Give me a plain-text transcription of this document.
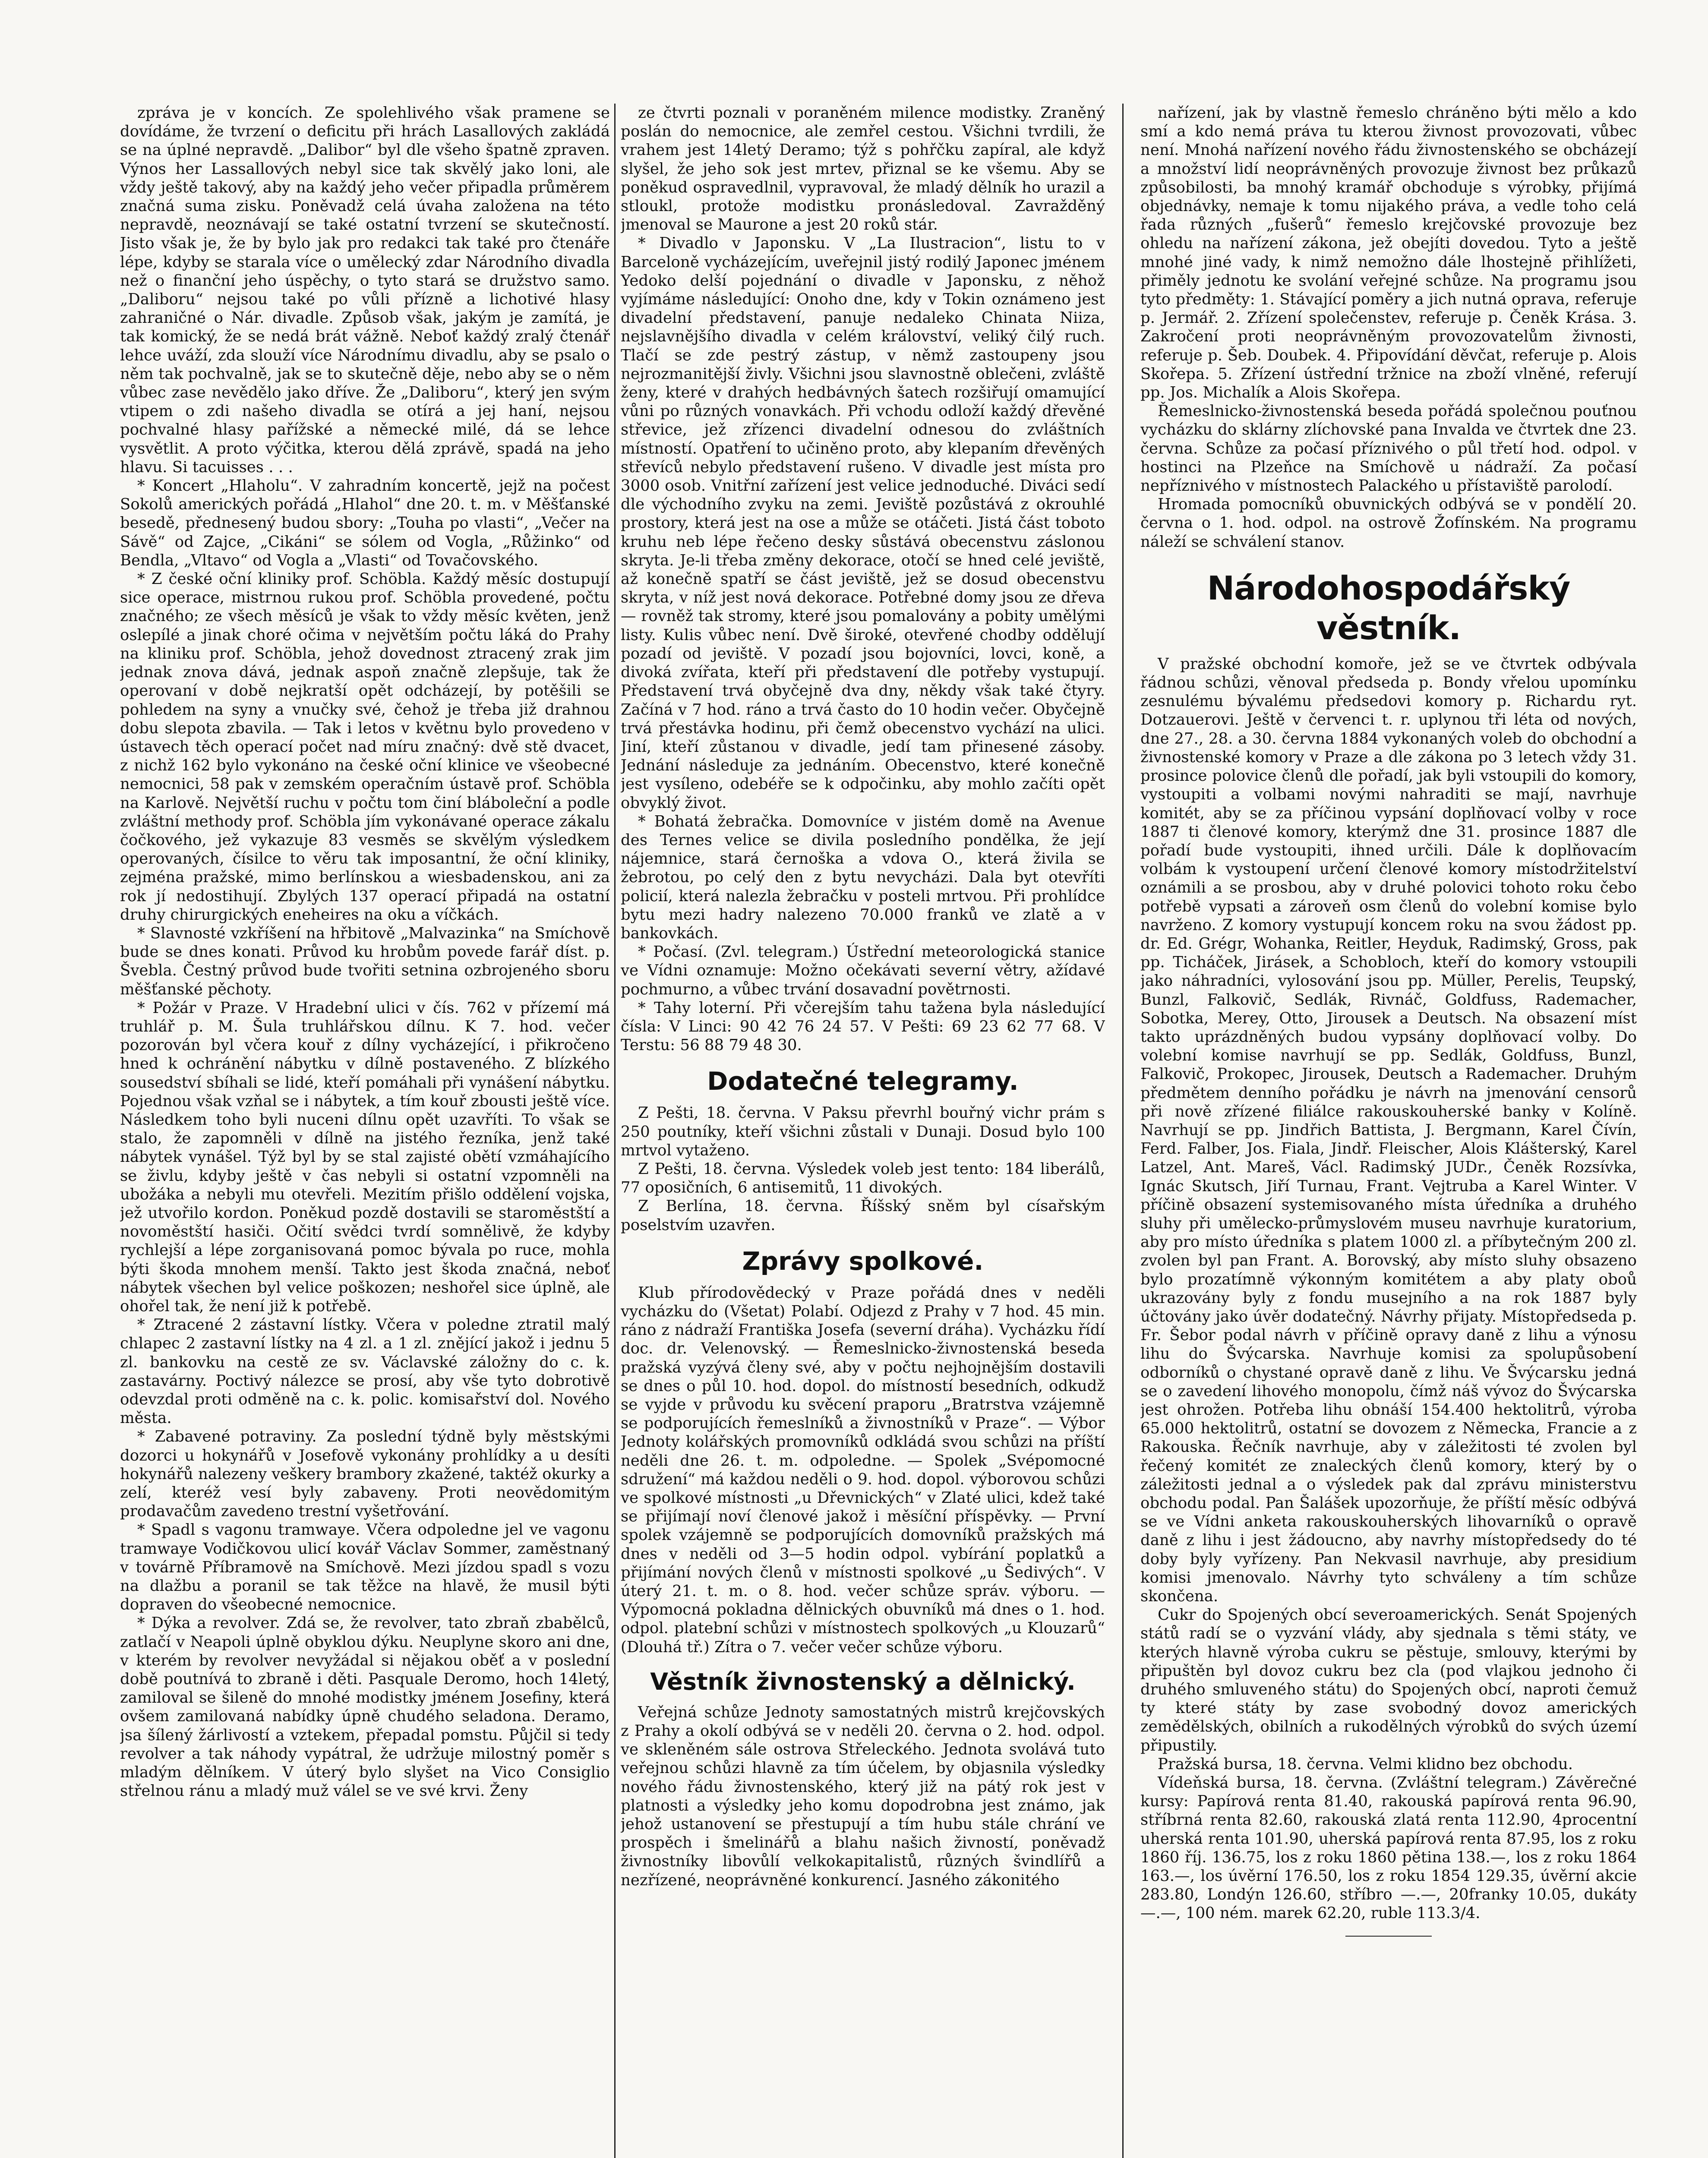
zpráva je v koncích. Ze spolehlivého však pramene se dovídáme, že tvrzení o deficitu při hrách Lasallových zakládá se na úplné nepravdě. „Dalibor“ byl dle všeho špatně zpraven. Výnos her Lassallových nebyl sice tak skvělý jako loni, ale vždy ještě takový, aby na každý jeho večer připadla průměrem značná suma zisku. Poněvadž celá úvaha založena na této nepravdě, neoznávají se také ostatní tvrzení se skutečností. Jisto však je, že by bylo jak pro redakci tak také pro čtenáře lépe, kdyby se starala více o umělecký zdar Národního divadla než o finanční jeho úspěchy, o tyto stará se družstvo samo. „Daliboru“ nejsou také po vůli přízně a lichotivé hlasy zahraničné o Nár. divadle. Způsob však, jakým je zamítá, je tak komický, že se nedá brát vážně. Neboť každý zralý čtenář lehce uváží, zda slouží více Národnímu divadlu, aby se psalo o něm tak pochvalně, jak se to skutečně děje, nebo aby se o něm vůbec zase nevědělo jako dříve. Že „Daliboru“, který jen svým vtipem o zdi našeho divadla se otírá a jej haní, nejsou pochvalné hlasy pařížské a německé milé, dá se lehce vysvětlit. A proto výčitka, kterou dělá zprávě, spadá na jeho hlavu. Si tacuisses . . .

* Koncert „Hlaholu“. V zahradním koncertě, jejž na počest Sokolů amerických pořádá „Hlahol“ dne 20. t. m. v Měšťanské besedě, přednesený budou sbory: „Touha po vlasti“, „Večer na Sávě“ od Zajce, „Cikáni“ se sólem od Vogla, „Růžinko“ od Bendla, „Vltavo“ od Vogla a „Vlasti“ od Tovačovského.

* Z české oční kliniky prof. Schöbla. Každý měsíc dostupují sice operace, mistrnou rukou prof. Schöbla provedené, počtu značného; ze všech měsíců je však to vždy měsíc květen, jenž oslepílé a jinak choré očima v největším počtu láká do Prahy na kliniku prof. Schöbla, jehož dovednost ztracený zrak jim jednak znova dává, jednak aspoň značně zlepšuje, tak že operovaní v době nejkratší opět odcházejí, by potěšili se pohledem na syny a vnučky své, čehož je třeba již drahnou dobu slepota zbavila. — Tak i letos v květnu bylo provedeno v ústavech těch operací počet nad míru značný: dvě stě dvacet, z nichž 162 bylo vykonáno na české oční klinice ve všeobecné nemocnici, 58 pak v zemském operačním ústavě prof. Schöbla na Karlově. Největší ruchu v počtu tom činí bláboleční a podle zvláštní methody prof. Schöbla jím vykonávané operace zákalu čočkového, jež vykazuje 83 vesměs se skvělým výsledkem operovaných, čísilce to věru tak imposantní, že oční kliniky, zejména pražské, mimo berlínskou a wiesbadenskou, ani za rok jí nedostihují. Zbylých 137 operací připadá na ostatní druhy chirurgických eneheires na oku a víčkách.

* Slavnosté vzkříšení na hřbitově „Malvazinka“ na Smíchově bude se dnes konati. Průvod ku hrobům povede farář díst. p. Švebla. Čestný průvod bude tvořiti setnina ozbrojeného sboru měšťanské pěchoty.

* Požár v Praze. V Hradební ulici v čís. 762 v přízemí má truhlář p. M. Šula truhlářskou dílnu. K 7. hod. večer pozorován byl včera kouř z dílny vycházející, i přikročeno hned k ochránění nábytku v dílně postaveného. Z blízkého sousedství sbíhali se lidé, kteří pomáhali při vynášení nábytku. Pojednou však vzňal se i nábytek, a tím kouř zbousti ještě více. Následkem toho byli nuceni dílnu opět uzavříti. To však se stalo, že zapomněli v dílně na jistého řezníka, jenž také nábytek vynášel. Týž byl by se stal zajisté obětí vzmáhajícího se živlu, kdyby ještě v čas nebyli si ostatní vzpomněli na ubožáka a nebyli mu otevřeli. Mezitím přišlo oddělení vojska, jež utvořilo kordon. Poněkud pozdě dostavili se staroměstští a novoměstští hasiči. Očití svědci tvrdí somnělivě, že kdyby rychlejší a lépe zorganisovaná pomoc bývala po ruce, mohla býti škoda mnohem menší. Takto jest škoda značná, neboť nábytek všechen byl velice poškozen; neshořel sice úplně, ale ohořel tak, že není již k potřebě.

* Ztracené 2 zástavní lístky. Včera v poledne ztratil malý chlapec 2 zastavní lístky na 4 zl. a 1 zl. znějící jakož i jednu 5 zl. bankovku na cestě ze sv. Václavské záložny do c. k. zastavárny. Poctivý nálezce se prosí, aby vše tyto dobrotivě odevzdal proti odměně na c. k. polic. komisařství dol. Nového města.

* Zabavené potraviny. Za poslední týdně byly městskými dozorci u hokynářů v Josefově vykonány prohlídky a u desíti hokynářů nalezeny veškery brambory zkažené, taktéž okurky a zelí, kteréž vesí byly zabaveny. Proti neovědomitým prodavačům zavedeno trestní vyšetřování.

* Spadl s vagonu tramwaye. Včera odpoledne jel ve vagonu tramwaye Vodičkovou ulicí kovář Václav Sommer, zaměstnaný v továrně Příbramově na Smíchově. Mezi jízdou spadl s vozu na dlažbu a poranil se tak těžce na hlavě, že musil býti dopraven do všeobecné nemocnice.

* Dýka a revolver. Zdá se, že revolver, tato zbraň zbabělců, zatlačí v Neapoli úplně obyklou dýku. Neuplyne skoro ani dne, v kterém by revolver nevyžádal si nějakou oběť a v poslední době poutnívá to zbraně i děti. Pasquale Deromo, hoch 14letý, zamiloval se šileně do mnohé modistky jménem Josefiny, která ovšem zamilovaná nabídky úpně chudého seladona. Deramo, jsa šílený žárlivostí a vztekem, přepadal pomstu. Půjčil si tedy revolver a tak náhody vypátral, že udržuje milostný poměr s mladým dělníkem. V úterý bylo slyšet na Vico Consiglio střelnou ránu a mladý muž válel se ve své krvi. Ženy

ze čtvrti poznali v poraněném milence modistky. Zraněný poslán do nemocnice, ale zemřel cestou. Všichni tvrdili, že vrahem jest 14letý Deramo; týž s pohřčku zapíral, ale když slyšel, že jeho sok jest mrtev, přiznal se ke všemu. Aby se poněkud ospravedlnil, vypravoval, že mladý dělník ho urazil a stloukl, protože modistku pronásledoval. Zavražděný jmenoval se Maurone a jest 20 roků stár.

* Divadlo v Japonsku. V „La Ilustracion“, listu to v Barceloně vycházejícím, uveřejnil jistý rodilý Japonec jménem Yedoko delší pojednání o divadle v Japonsku, z něhož vyjímáme následující: Onoho dne, kdy v Tokin oznámeno jest divadelní představení, panuje nedaleko Chinata Niiza, nejslavnějšího divadla v celém království, veliký čilý ruch. Tlačí se zde pestrý zástup, v němž zastoupeny jsou nejrozmanitější živly. Všichni jsou slavnostně oblečeni, zvláště ženy, které v drahých hedbávných šatech rozšiřují omamující vůni po různých vonavkách. Při vchodu odloží každý dřevěné střevice, jež zřízenci divadelní odnesou do zvláštních místností. Opatření to učiněno proto, aby klepaním dřevěných střevíců nebylo představení rušeno. V divadle jest místa pro 3000 osob. Vnitřní zařízení jest velice jednoduché. Diváci sedí dle východního zvyku na zemi. Jeviště pozůstává z okrouhlé prostory, která jest na ose a může se otáčeti. Jistá část toboto kruhu neb lépe řečeno desky sůstává obecenstvu záslonou skryta. Je-li třeba změny dekorace, otočí se hned celé jeviště, až konečně spatří se část jeviště, jež se dosud obecenstvu skryta, v níž jest nová dekorace. Potřebné domy jsou ze dřeva — rovněž tak stromy, které jsou pomalovány a pobity umělými listy. Kulis vůbec není. Dvě široké, otevřené chodby oddělují pozadí od jeviště. V pozadí jsou bojovníci, lovci, koně, a divoká zvířata, kteří při představení dle potřeby vystupují. Představení trvá obyčejně dva dny, někdy však také čtyry. Začíná v 7 hod. ráno a trvá často do 10 hodin večer. Obyčejně trvá přestávka hodinu, při čemž obecenstvo vychází na ulici. Jiní, kteří zůstanou v divadle, jedí tam přinesené zásoby. Jednání následuje za jednáním. Obecenstvo, které konečně jest vysíleno, odebéře se k odpočinku, aby mohlo začíti opět obvyklý život.

* Bohatá žebračka. Domovníce v jistém domě na Avenue des Ternes velice se divila posledního pondělka, že její nájemnice, stará černoška a vdova O., která živila se žebrotou, po celý den z bytu nevycházi. Dala byt otevříti policií, která nalezla žebračku v posteli mrtvou. Při prohlídce bytu mezi hadry nalezeno 70.000 franků ve zlatě a v bankovkách.

* Počasí. (Zvl. telegram.) Ústřední meteorologická stanice ve Vídni oznamuje: Možno očekávati severní větry, ažídavé pochmurno, a vůbec trvání dosavadní povětrnosti.

* Tahy loterní. Při včerejším tahu tažena byla následující čísla: V Linci: 90 42 76 24 57. V Pešti: 69 23 62 77 68. V Terstu: 56 88 79 48 30.

Dodatečné telegramy.

Z Pešti, 18. června. V Paksu převrhl bouřný vichr prám s 250 poutníky, kteří všichni zůstali v Dunaji. Dosud bylo 100 mrtvol vytaženo.

Z Pešti, 18. června. Výsledek voleb jest tento: 184 liberálů, 77 oposičních, 6 antisemitů, 11 divokých.

Z Berlína, 18. června. Říšský sněm byl císařským poselstvím uzavřen.

Zprávy spolkové.

Klub přírodovědecký v Praze pořádá dnes v neděli vycházku do (Všetat) Polabí. Odjezd z Prahy v 7 hod. 45 min. ráno z nádraží Františka Josefa (severní dráha). Vycházku řídí doc. dr. Velenovský. — Řemeslnicko-živnostenská beseda pražská vyzývá členy své, aby v počtu nejhojnějším dostavili se dnes o půl 10. hod. dopol. do místností besedních, odkudž se vyjde v průvodu ku svěcení praporu „Bratrstva vzájemně se podporujících řemeslníků a živnostníků v Praze“. — Výbor Jednoty kolářských promovníků odkládá svou schůzi na příští neděli dne 26. t. m. odpoledne. — Spolek „Svépomocné sdružení“ má každou neděli o 9. hod. dopol. výborovou schůzi ve spolkové místnosti „u Dřevnických“ v Zlaté ulici, kdež také se přijímají noví členové jakož i měsíční příspěvky. — První spolek vzájemně se podporujících domovníků pražských má dnes v neděli od 3—5 hodin odpol. vybírání poplatků a přijímání nových členů v místnosti spolkové „u Šedivých“. V úterý 21. t. m. o 8. hod. večer schůze správ. výboru. — Výpomocná pokladna dělnických obuvníků má dnes o 1. hod. odpol. platební schůzi v místnostech spolkových „u Klouzarů“ (Dlouhá tř.) Zítra o 7. večer večer schůze výboru.

Věstník živnostenský a dělnický.

Veřejná schůze Jednoty samostatných mistrů krejčovských z Prahy a okolí odbývá se v neděli 20. června o 2. hod. odpol. ve skleněném sále ostrova Střeleckého. Jednota svolává tuto veřejnou schůzi hlavně za tím účelem, by objasnila výsledky nového řádu živnostenského, který již na pátý rok jest v platnosti a výsledky jeho komu dopodrobna jest známo, jak jehož ustanovení se přestupují a tím hubu stále chrání ve prospěch i šmelinářů a blahu našich živností, poněvadž živnostníky libovůlí velkokapitalistů, různých švindlířů a nezřízené, neoprávněné konkurencí. Jasného zákonitého

nařízení, jak by vlastně řemeslo chráněno býti mělo a kdo smí a kdo nemá práva tu kterou živnost provozovati, vůbec není. Mnohá nařízení nového řádu živnostenského se obcházejí a množství lidí neoprávněných provozuje živnost bez průkazů způsobilosti, ba mnohý kramář obchoduje s výrobky, přijímá objednávky, nemaje k tomu nijakého práva, a vedle toho celá řada různých „fušerů“ řemeslo krejčovské provozuje bez ohledu na nařízení zákona, jež obejíti dovedou. Tyto a ještě mnohé jiné vady, k nimž nemožno dále lhostejně přihlížeti, přiměly jednotu ke svolání veřejné schůze. Na programu jsou tyto předměty: 1. Stávající poměry a jich nutná oprava, referuje p. Jermář. 2. Zřízení společenstev, referuje p. Čeněk Krása. 3. Zakročení proti neoprávněným provozovatelům živnosti, referuje p. Šeb. Doubek. 4. Připovídání děvčat, referuje p. Alois Skořepa. 5. Zřízení ústřední tržnice na zboží vlněné, referují pp. Jos. Michalík a Alois Skořepa.

Řemeslnicko-živnostenská beseda pořádá společnou pouťnou vycházku do sklárny zlíchovské pana Invalda ve čtvrtek dne 23. června. Schůze za počasí příznivého o půl třetí hod. odpol. v hostinci na Plzeňce na Smíchově u nádraží. Za počasí nepříznivého v místnostech Palackého u přístaviště parolodí.

Hromada pomocníků obuvnických odbývá se v pondělí 20. června o 1. hod. odpol. na ostrově Žofínském. Na programu náleží se schválení stanov.

Národohospodářský věstník.

V pražské obchodní komoře, jež se ve čtvrtek odbývala řádnou schůzi, věnoval předseda p. Bondy vřelou upomínku zesnulému bývalému předsedovi komory p. Richardu ryt. Dotzauerovi. Ještě v červenci t. r. uplynou tři léta od nových, dne 27., 28. a 30. června 1884 vykonaných voleb do obchodní a živnostenské komory v Praze a dle zákona po 3 letech vždy 31. prosince polovice členů dle pořadí, jak byli vstoupili do komory, vystoupiti a volbami novými nahraditi se mají, navrhuje komitét, aby se za příčinou vypsání doplňovací volby v roce 1887 ti členové komory, kterýmž dne 31. prosince 1887 dle pořadí bude vystoupiti, ihned určili. Dále k doplňovacím volbám k vystoupení určení členové komory místodržitelství oznámili a se prosbou, aby v druhé polovici tohoto roku čebo potřebě vypsati a zároveň osm členů do volební komise bylo navrženo. Z komory vystupují koncem roku na svou žádost pp. dr. Ed. Grégr, Wohanka, Reitler, Heyduk, Radimský, Gross, pak pp. Ticháček, Jirásek, a Schobloch, kteří do komory vstoupili jako náhradníci, vylosování jsou pp. Müller, Perelis, Teupský, Bunzl, Falkovič, Sedlák, Rivnáč, Goldfuss, Rademacher, Sobotka, Merey, Otto, Jirousek a Deutsch. Na obsazení míst takto uprázdněných budou vypsány doplňovací volby. Do volební komise navrhují se pp. Sedlák, Goldfuss, Bunzl, Falkovič, Prokopec, Jirousek, Deutsch a Rademacher. Druhým předmětem denního pořádku je návrh na jmenování censorů při nově zřízené filiálce rakouskouherské banky v Kolíně. Navrhují se pp. Jindřich Battista, J. Bergmann, Karel Čívín, Ferd. Falber, Jos. Fiala, Jindř. Fleischer, Alois Klášterský, Karel Latzel, Ant. Mareš, Václ. Radimský JUDr., Čeněk Rozsívka, Ignác Skutsch, Jiří Turnau, Frant. Vejtruba a Karel Winter. V příčině obsazení systemisovaného místa úředníka a druhého sluhy při umělecko-průmyslovém museu navrhuje kuratorium, aby pro místo úředníka s platem 1000 zl. a příbytečným 200 zl. zvolen byl pan Frant. A. Borovský, aby místo sluhy obsazeno bylo prozatímně výkonným komitétem a aby platy oboů ukrazovány byly z fondu musejního a na rok 1887 byly účtovány jako úvěr dodatečný. Návrhy přijaty. Místopředseda p. Fr. Šebor podal návrh v příčině opravy daně z lihu a výnosu lihu do Švýcarska. Navrhuje komisi za spolupůsobení odborníků o chystané opravě daně z lihu. Ve Švýcarsku jedná se o zavedení lihového monopolu, čímž náš vývoz do Švýcarska jest ohrožen. Potřeba lihu obnáší 154.400 hektolitrů, výroba 65.000 hektolitrů, ostatní se dovozem z Německa, Francie a z Rakouska. Řečník navrhuje, aby v záležitosti té zvolen byl řečený komitét ze znaleckých členů komory, který by o záležitosti jednal a o výsledek pak dal zprávu ministerstvu obchodu podal. Pan Šalášek upozorňuje, že příští měsíc odbývá se ve Vídni anketa rakouskouherských lihovarníků o opravě daně z lihu i jest žádoucno, aby navrhy místopředsedy do té doby byly vyřízeny. Pan Nekvasil navrhuje, aby presidium komisi jmenovalo. Návrhy tyto schváleny a tím schůze skončena.

Cukr do Spojených obcí severoamerických. Senát Spojených států radí se o vyzvání vlády, aby sjednala s těmi státy, ve kterých hlavně výroba cukru se pěstuje, smlouvy, kterými by připuštěn byl dovoz cukru bez cla (pod vlajkou jednoho či druhého smluveného státu) do Spojených obcí, naproti čemuž ty které státy by zase svobodný dovoz amerických zemědělských, obilních a rukodělných výrobků do svých území připustily.

Pražská bursa, 18. června. Velmi klidno bez obchodu.

Vídeňská bursa, 18. června. (Zvláštní telegram.) Závěrečné kursy: Papírová renta 81.40, rakouská papírová renta 96.90, stříbrná renta 82.60, rakouská zlatá renta 112.90, 4procentní uherská renta 101.90, uherská papírová renta 87.95, los z roku 1860 říj. 136.75, los z roku 1860 pětina 138.—, los z roku 1864 163.—, los úvěrní 176.50, los z roku 1854 129.35, úvěrní akcie 283.80, Londýn 126.60, stříbro —.—, 20franky 10.05, dukáty —.—, 100 ném. marek 62.20, ruble 113.3/4.
